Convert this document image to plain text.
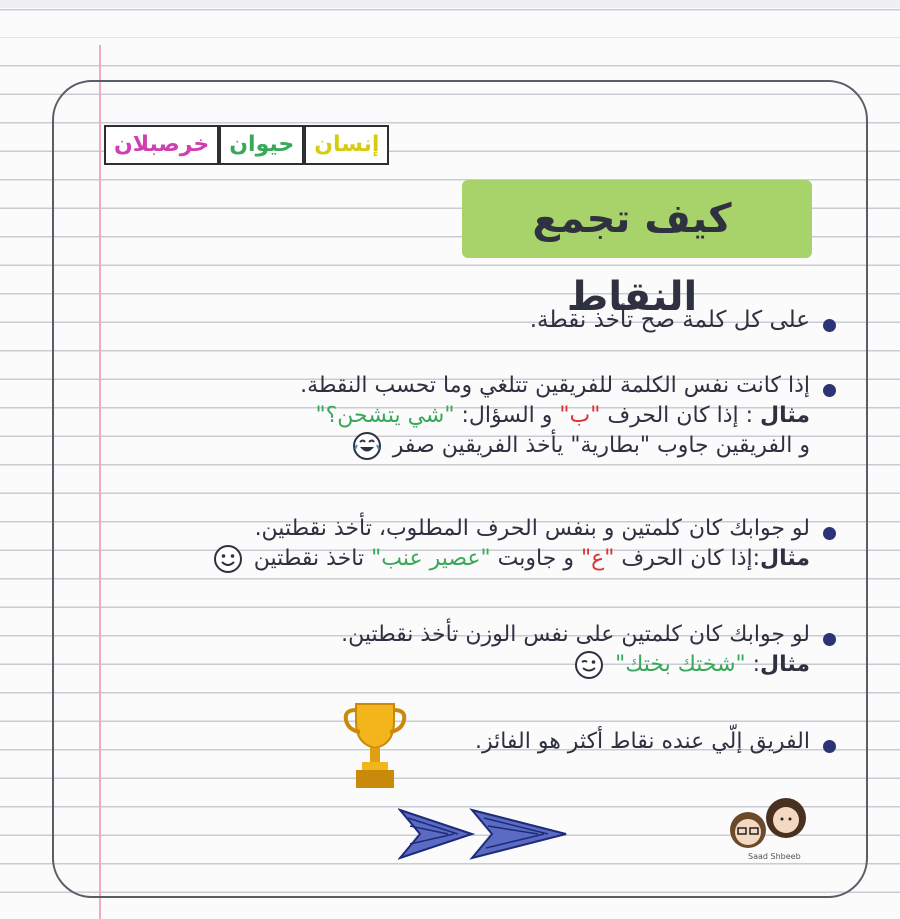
خرصبلان حيوان إنسان
كيف تجمع النقاط
على كل كلمة صح تأخذ نقطة.
إذا كانت نفس الكلمة للفريقين تتلغي وما تحسب النقطة.
مثال : إذا كان الحرف "ب" و السؤال: "شي يتشحن؟"
و الفريقين جاوب "بطارية" يأخذ الفريقين صفر
لو جوابك كان كلمتين و بنفس الحرف المطلوب، تأخذ نقطتين.
مثال:إذا كان الحرف "ع" و جاوبت "عصير عنب" تاخذ نقطتين
لو جوابك كان كلمتين على نفس الوزن تأخذ نقطتين.
مثال: "شختك بختك"
الفريق إلّي عنده نقاط أكثر هو الفائز.
Saad Shbeeb
